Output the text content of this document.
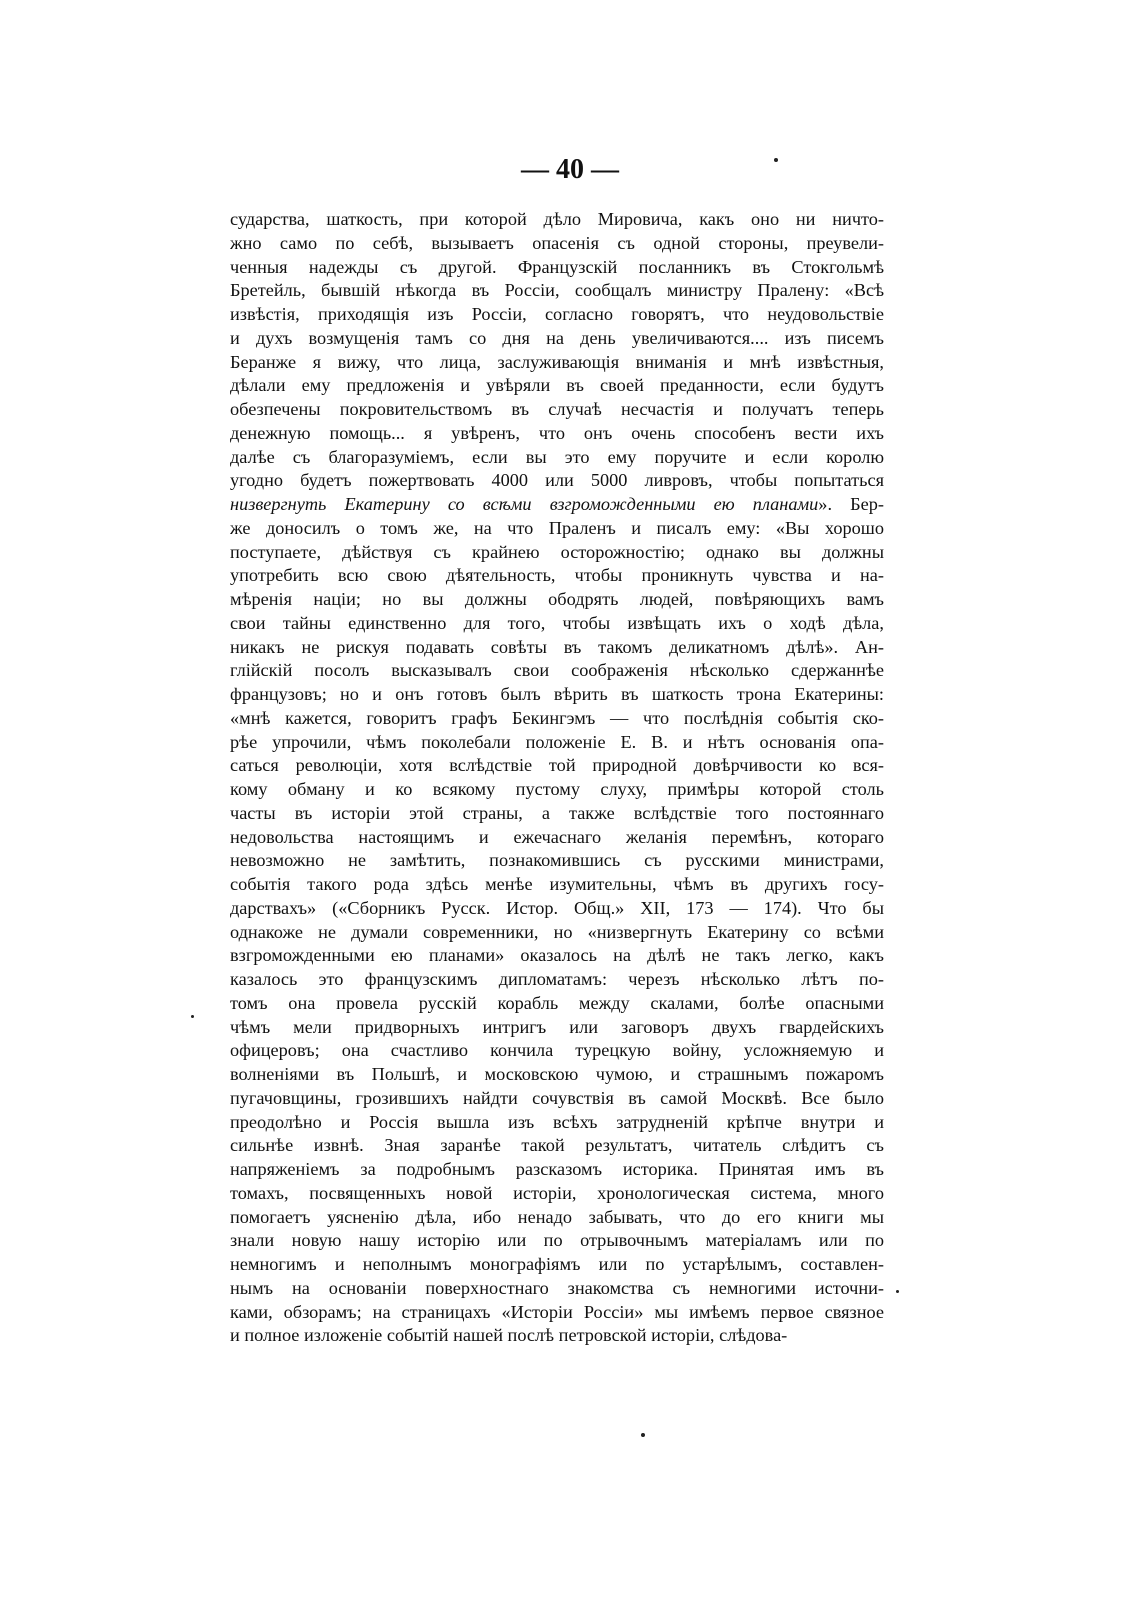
— 40 —
сударства, шаткость, при которой дѣло Мировича, какъ оно ни ничто-
жно само по себѣ, вызываетъ опасенія съ одной стороны, преувели-
ченныя надежды съ другой. Французскій посланникъ въ Стокгольмѣ
Бретейль, бывшій нѣкогда въ Россіи, сообщалъ министру Праленy: «Всѣ
извѣстія, приходящія изъ Россіи, согласно говорятъ, что неудовольствіе
и духъ возмущенія тамъ со дня на день увеличиваются.... изъ писемъ
Беранже я вижу, что лица, заслуживающія вниманія и мнѣ извѣстныя,
дѣлали ему предложенія и увѣряли въ своей преданности, если будутъ
обезпечены покровительствомъ въ случаѣ несчастія и получатъ теперь
денежную помощь... я увѣренъ, что онъ очень способенъ вести ихъ
далѣе съ благоразуміемъ, если вы это ему поручите и если королю
угодно будетъ пожертвовать 4000 или 5000 ливровъ, чтобы попытаться
низвергнуть Екатерину со всѣми взгроможденными ею планами». Бер-
же доносилъ о томъ же, на что Праленъ и писалъ ему: «Вы хорошо
поступаете, дѣйствуя съ крайнею осторожностію; однако вы должны
употребить всю свою дѣятельность, чтобы проникнуть чувства и на-
мѣренія націи; но вы должны ободрять людей, повѣряющихъ вамъ
свои тайны единственно для того, чтобы извѣщать ихъ о ходѣ дѣла,
никакъ не рискуя подавать совѣты въ такомъ деликатномъ дѣлѣ». Ан-
глійскій посолъ высказывалъ свои соображенія нѣсколько сдержаннѣе
французовъ; но и онъ готовъ былъ вѣрить въ шаткость трона Екатерины:
«мнѣ кажется, говоритъ графъ Бекингэмъ — что послѣднія событія ско-
рѣе упрочили, чѣмъ поколебали положеніе Е. В. и нѣтъ основанія опа-
саться революціи, хотя вслѣдствіе той природной довѣрчивости ко вся-
кому обману и ко всякому пустому слуху, примѣры которой столь
часты въ исторіи этой страны, а также вслѣдствіе того постояннаго
недовольства настоящимъ и ежечаснаго желанія перемѣнъ, котораго
невозможно не замѣтить, познакомившись съ русскими министрами,
событія такого рода здѣсь менѣе изумительны, чѣмъ въ другихъ госу-
дарствахъ» («Сборникъ Русск. Истор. Общ.» XII, 173 — 174). Что бы
однакоже не думали современники, но «низвергнуть Екатерину со всѣми
взгроможденными ею планами» оказалось на дѣлѣ не такъ легко, какъ
казалось это французскимъ дипломатамъ: черезъ нѣсколько лѣтъ по-
томъ она провела русскій корабль между скалами, болѣе опасными
чѣмъ мели придворныхъ интригъ или заговоръ двухъ гвардейскихъ
офицеровъ; она счастливо кончила турецкую войну, усложняемую и
волненіями въ Польшѣ, и московскою чумою, и страшнымъ пожаромъ
пугачовщины, грозившихъ найдти сочувствія въ самой Москвѣ. Все было
преодолѣно и Россія вышла изъ всѣхъ затрудненій крѣпче внутри и
сильнѣе извнѣ. Зная заранѣе такой результатъ, читатель слѣдитъ съ
напряженіемъ за подробнымъ разсказомъ историка. Принятая имъ въ
томахъ, посвященныхъ новой исторіи, хронологическая система, много
помогаетъ уясненію дѣла, ибо ненадо забывать, что до его книги мы
знали новую нашу исторію или по отрывочнымъ матеріаламъ или по
немногимъ и неполнымъ монографіямъ или по устарѣлымъ, составлен-
нымъ на основаніи поверхностнаго знакомства съ немногими источни-
ками, обзорамъ; на страницахъ «Исторіи Россіи» мы имѣемъ первое связное
и полное изложеніе событій нашей послѣ петровской исторіи, слѣдова-
